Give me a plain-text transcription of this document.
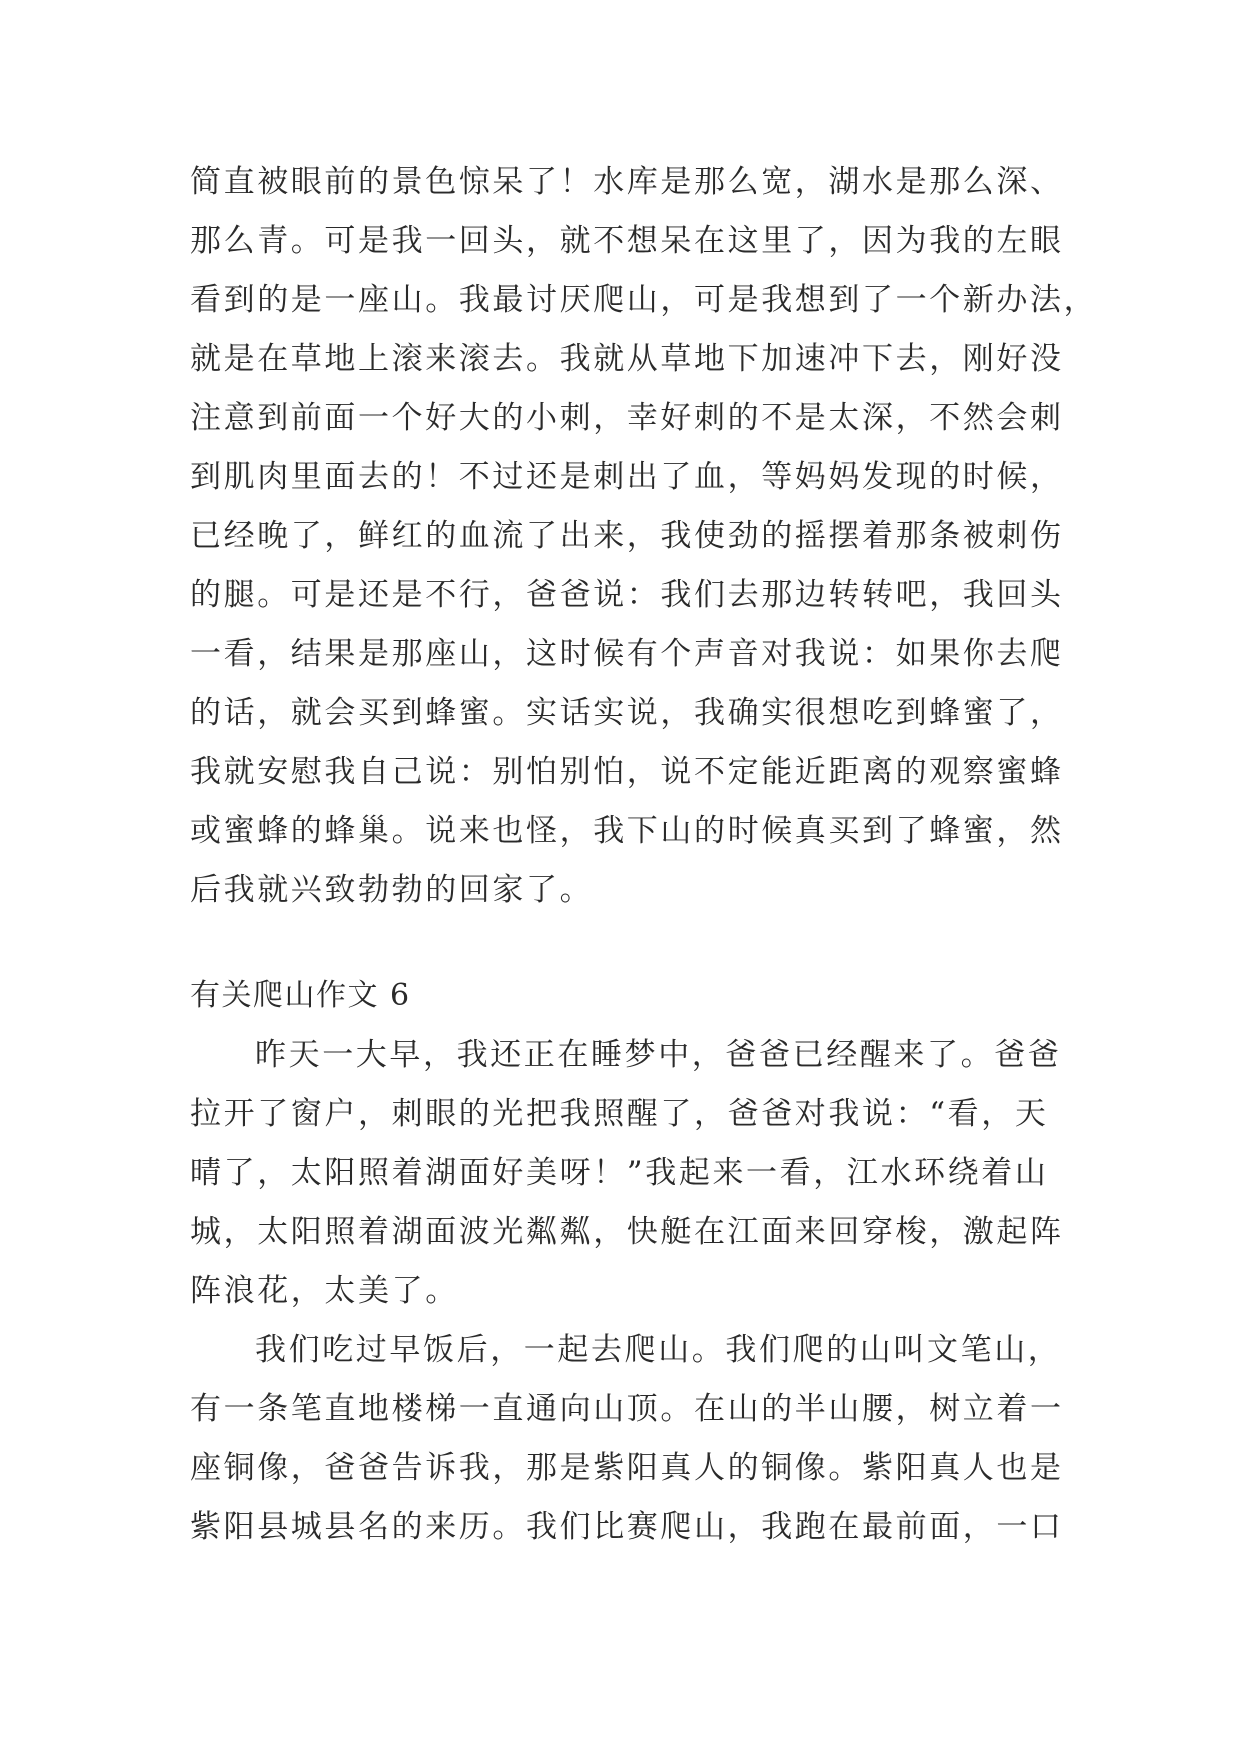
简直被眼前的景色惊呆了！水库是那么宽，湖水是那么深、
那么青。可是我一回头，就不想呆在这里了，因为我的左眼
看到的是一座山。我最讨厌爬山，可是我想到了一个新办法，
就是在草地上滚来滚去。我就从草地下加速冲下去，刚好没
注意到前面一个好大的小刺，幸好刺的不是太深，不然会刺
到肌肉里面去的！不过还是刺出了血，等妈妈发现的时候，
已经晚了，鲜红的血流了出来，我使劲的摇摆着那条被刺伤
的腿。可是还是不行，爸爸说：我们去那边转转吧，我回头
一看，结果是那座山，这时候有个声音对我说：如果你去爬
的话，就会买到蜂蜜。实话实说，我确实很想吃到蜂蜜了，
我就安慰我自己说：别怕别怕，说不定能近距离的观察蜜蜂
或蜜蜂的蜂巢。说来也怪，我下山的时候真买到了蜂蜜，然
后我就兴致勃勃的回家了。
有关爬山作文 6
昨天一大早，我还正在睡梦中，爸爸已经醒来了。爸爸
拉开了窗户，刺眼的光把我照醒了，爸爸对我说：“看，天
晴了，太阳照着湖面好美呀！”我起来一看，江水环绕着山
城，太阳照着湖面波光粼粼，快艇在江面来回穿梭，激起阵
阵浪花，太美了。
我们吃过早饭后，一起去爬山。我们爬的山叫文笔山，
有一条笔直地楼梯一直通向山顶。在山的半山腰，树立着一
座铜像，爸爸告诉我，那是紫阳真人的铜像。紫阳真人也是
紫阳县城县名的来历。我们比赛爬山，我跑在最前面，一口
